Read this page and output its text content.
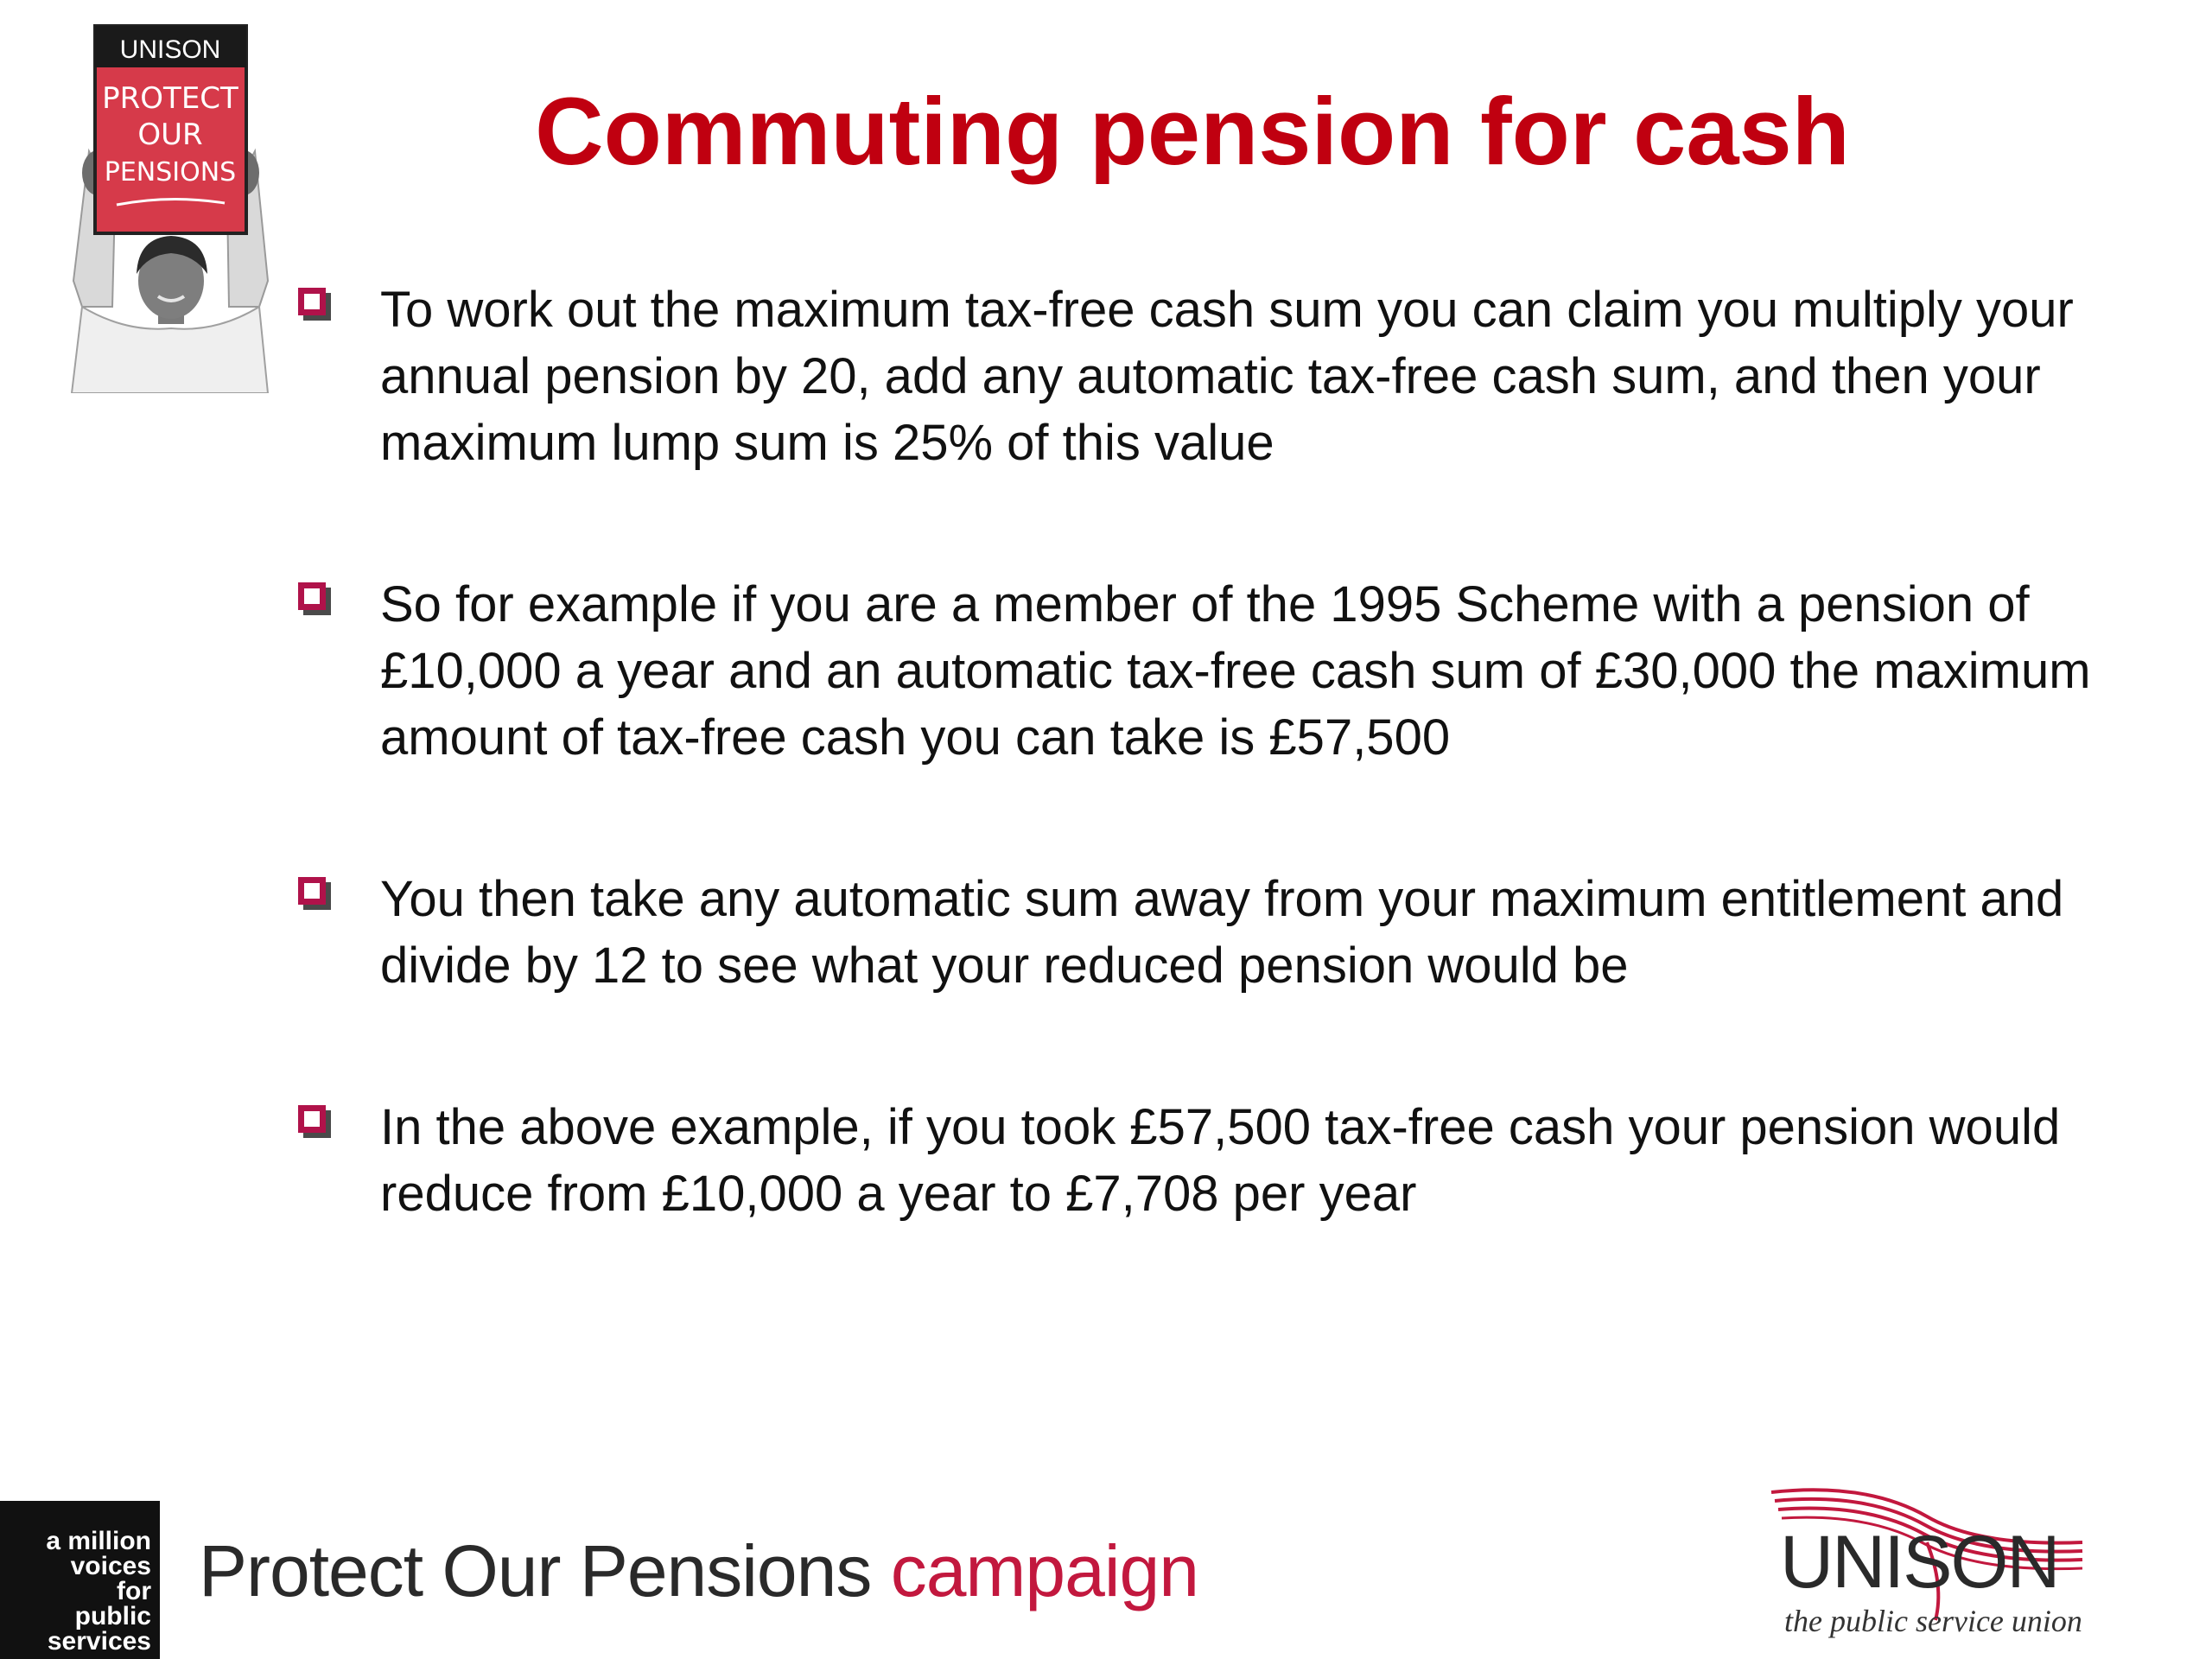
UNISON
PROTECT
OUR
PENSIONS	Commuting pension for cash
To work out the maximum tax-free cash sum you can claim you multiply your annual pension by 20, add any automatic tax-free cash sum, and then your maximum lump sum is 25% of this value
So for example if you are a member of the 1995 Scheme with a pension of £10,000 a year and an automatic tax-free cash sum of £30,000 the maximum amount of tax-free cash you can take is £57,500
You then take any automatic sum away from your maximum entitlement and divide by 12 to see what your reduced pension would be
In the above example, if you took £57,500 tax-free cash your pension would reduce from £10,000 a year to £7,708 per year
a million
voices
for
public
services
Protect Our Pensions campaign	UNISON
the public service union
